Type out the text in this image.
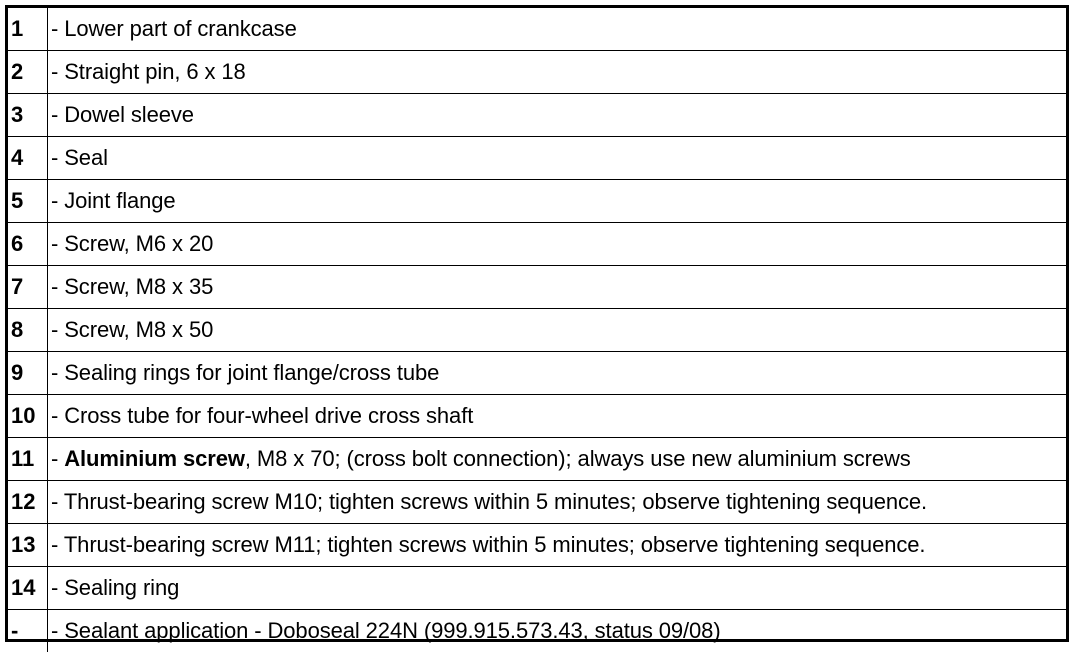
1	- Lower part of crankcase
2	- Straight pin, 6 x 18
3	- Dowel sleeve
4	- Seal
5	- Joint flange
6	- Screw, M6 x 20
7	- Screw, M8 x 35
8	- Screw, M8 x 50
9	- Sealing rings for joint flange/cross tube
10	- Cross tube for four-wheel drive cross shaft
11	- Aluminium screw, M8 x 70; (cross bolt connection); always use new aluminium screws
12	- Thrust-bearing screw M10; tighten screws within 5 minutes; observe tightening sequence.
13	- Thrust-bearing screw M11; tighten screws within 5 minutes; observe tightening sequence.
14	- Sealing ring
-	- Sealant application - Doboseal 224N (999.915.573.43, status 09/08)
